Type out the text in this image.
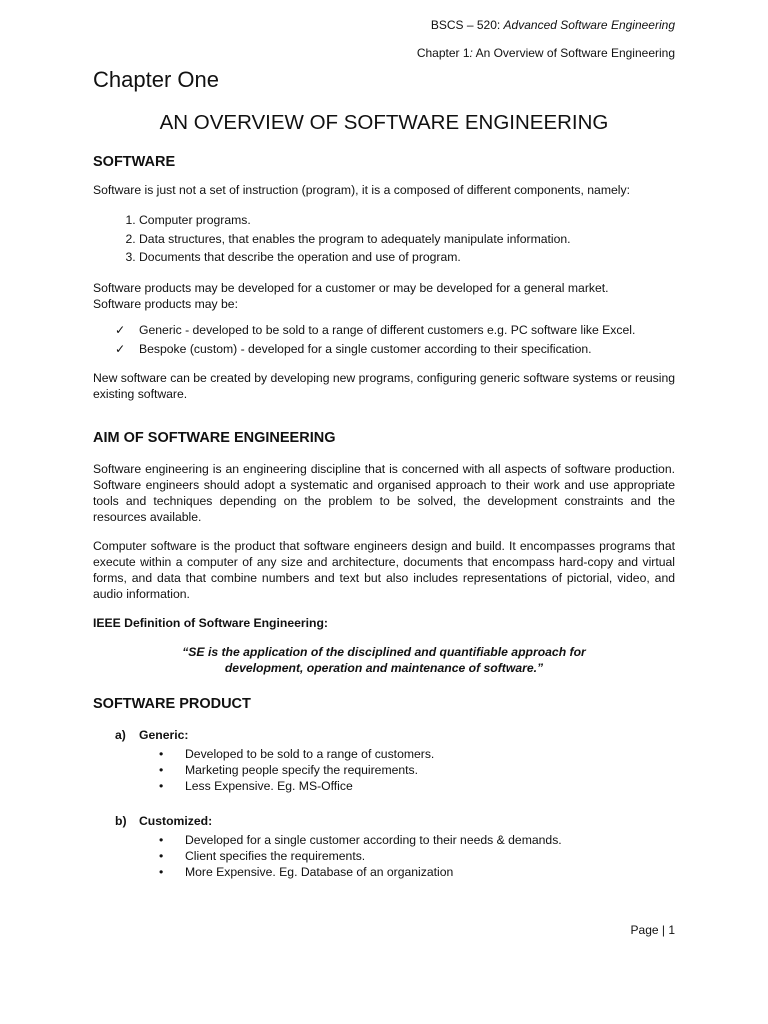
BSCS – 520: Advanced Software Engineering
Chapter 1: An Overview of Software Engineering
Chapter One
AN OVERVIEW OF SOFTWARE ENGINEERING
SOFTWARE

Software is just not a set of instruction (program), it is a composed of different components, namely:

1. Computer programs.
2. Data structures, that enables the program to adequately manipulate information.
3. Documents that describe the operation and use of program.

Software products may be developed for a customer or may be developed for a general market.

Software products may be:

✓ Generic - developed to be sold to a range of different customers e.g. PC software like Excel.
✓ Bespoke (custom) - developed for a single customer according to their specification.

New software can be created by developing new programs, configuring generic software systems or reusing existing software.

AIM OF SOFTWARE ENGINEERING

Software engineering is an engineering discipline that is concerned with all aspects of software production. Software engineers should adopt a systematic and organised approach to their work and use appropriate tools and techniques depending on the problem to be solved, the development constraints and the resources available.

Computer software is the product that software engineers design and build. It encompasses programs that execute within a computer of any size and architecture, documents that encompass hard-copy and virtual forms, and data that combine numbers and text but also includes representations of pictorial, video, and audio information.

IEEE Definition of Software Engineering:

“SE is the application of the disciplined and quantifiable approach for

development, operation and maintenance of software.”

SOFTWARE PRODUCT
a) Generic:
• Developed to be sold to a range of customers.
• Marketing people specify the requirements.
• Less Expensive. Eg. MS-Office
b) Customized:
• Developed for a single customer according to their needs & demands.
• Client specifies the requirements.
• More Expensive. Eg. Database of an organization
Page | 1
